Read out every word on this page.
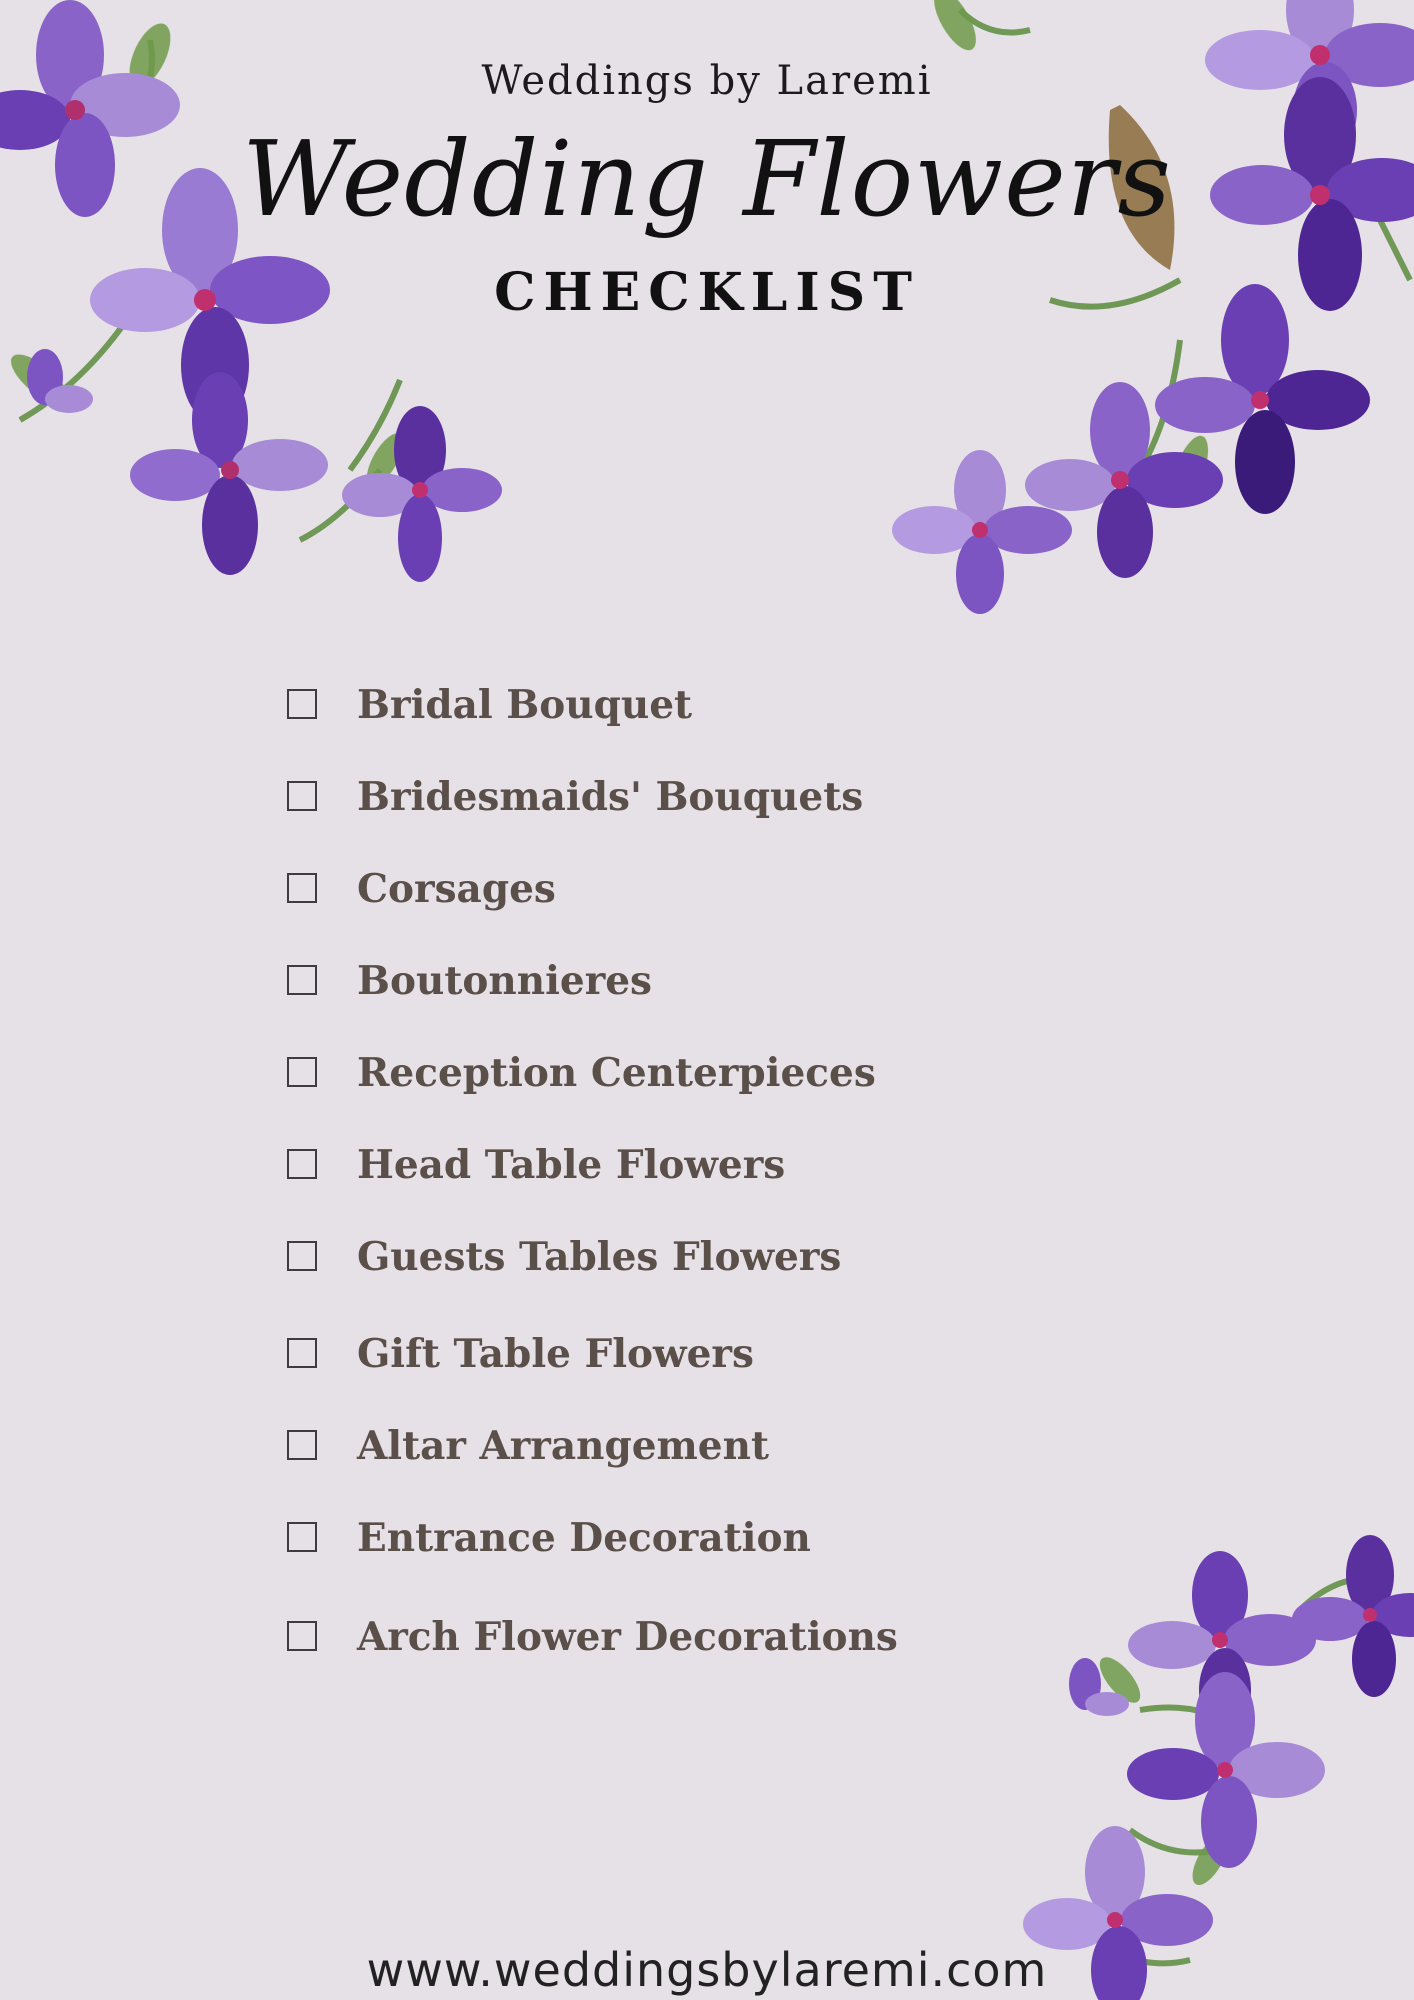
Weddings by Laremi
Wedding Flowers
CHECKLIST
Bridal Bouquet
Bridesmaids' Bouquets
Corsages
Boutonnieres
Reception Centerpieces
Head Table Flowers
Guests Tables Flowers
Gift Table Flowers
Altar Arrangement
Entrance Decoration
Arch Flower Decorations
www.weddingsbylaremi.com
